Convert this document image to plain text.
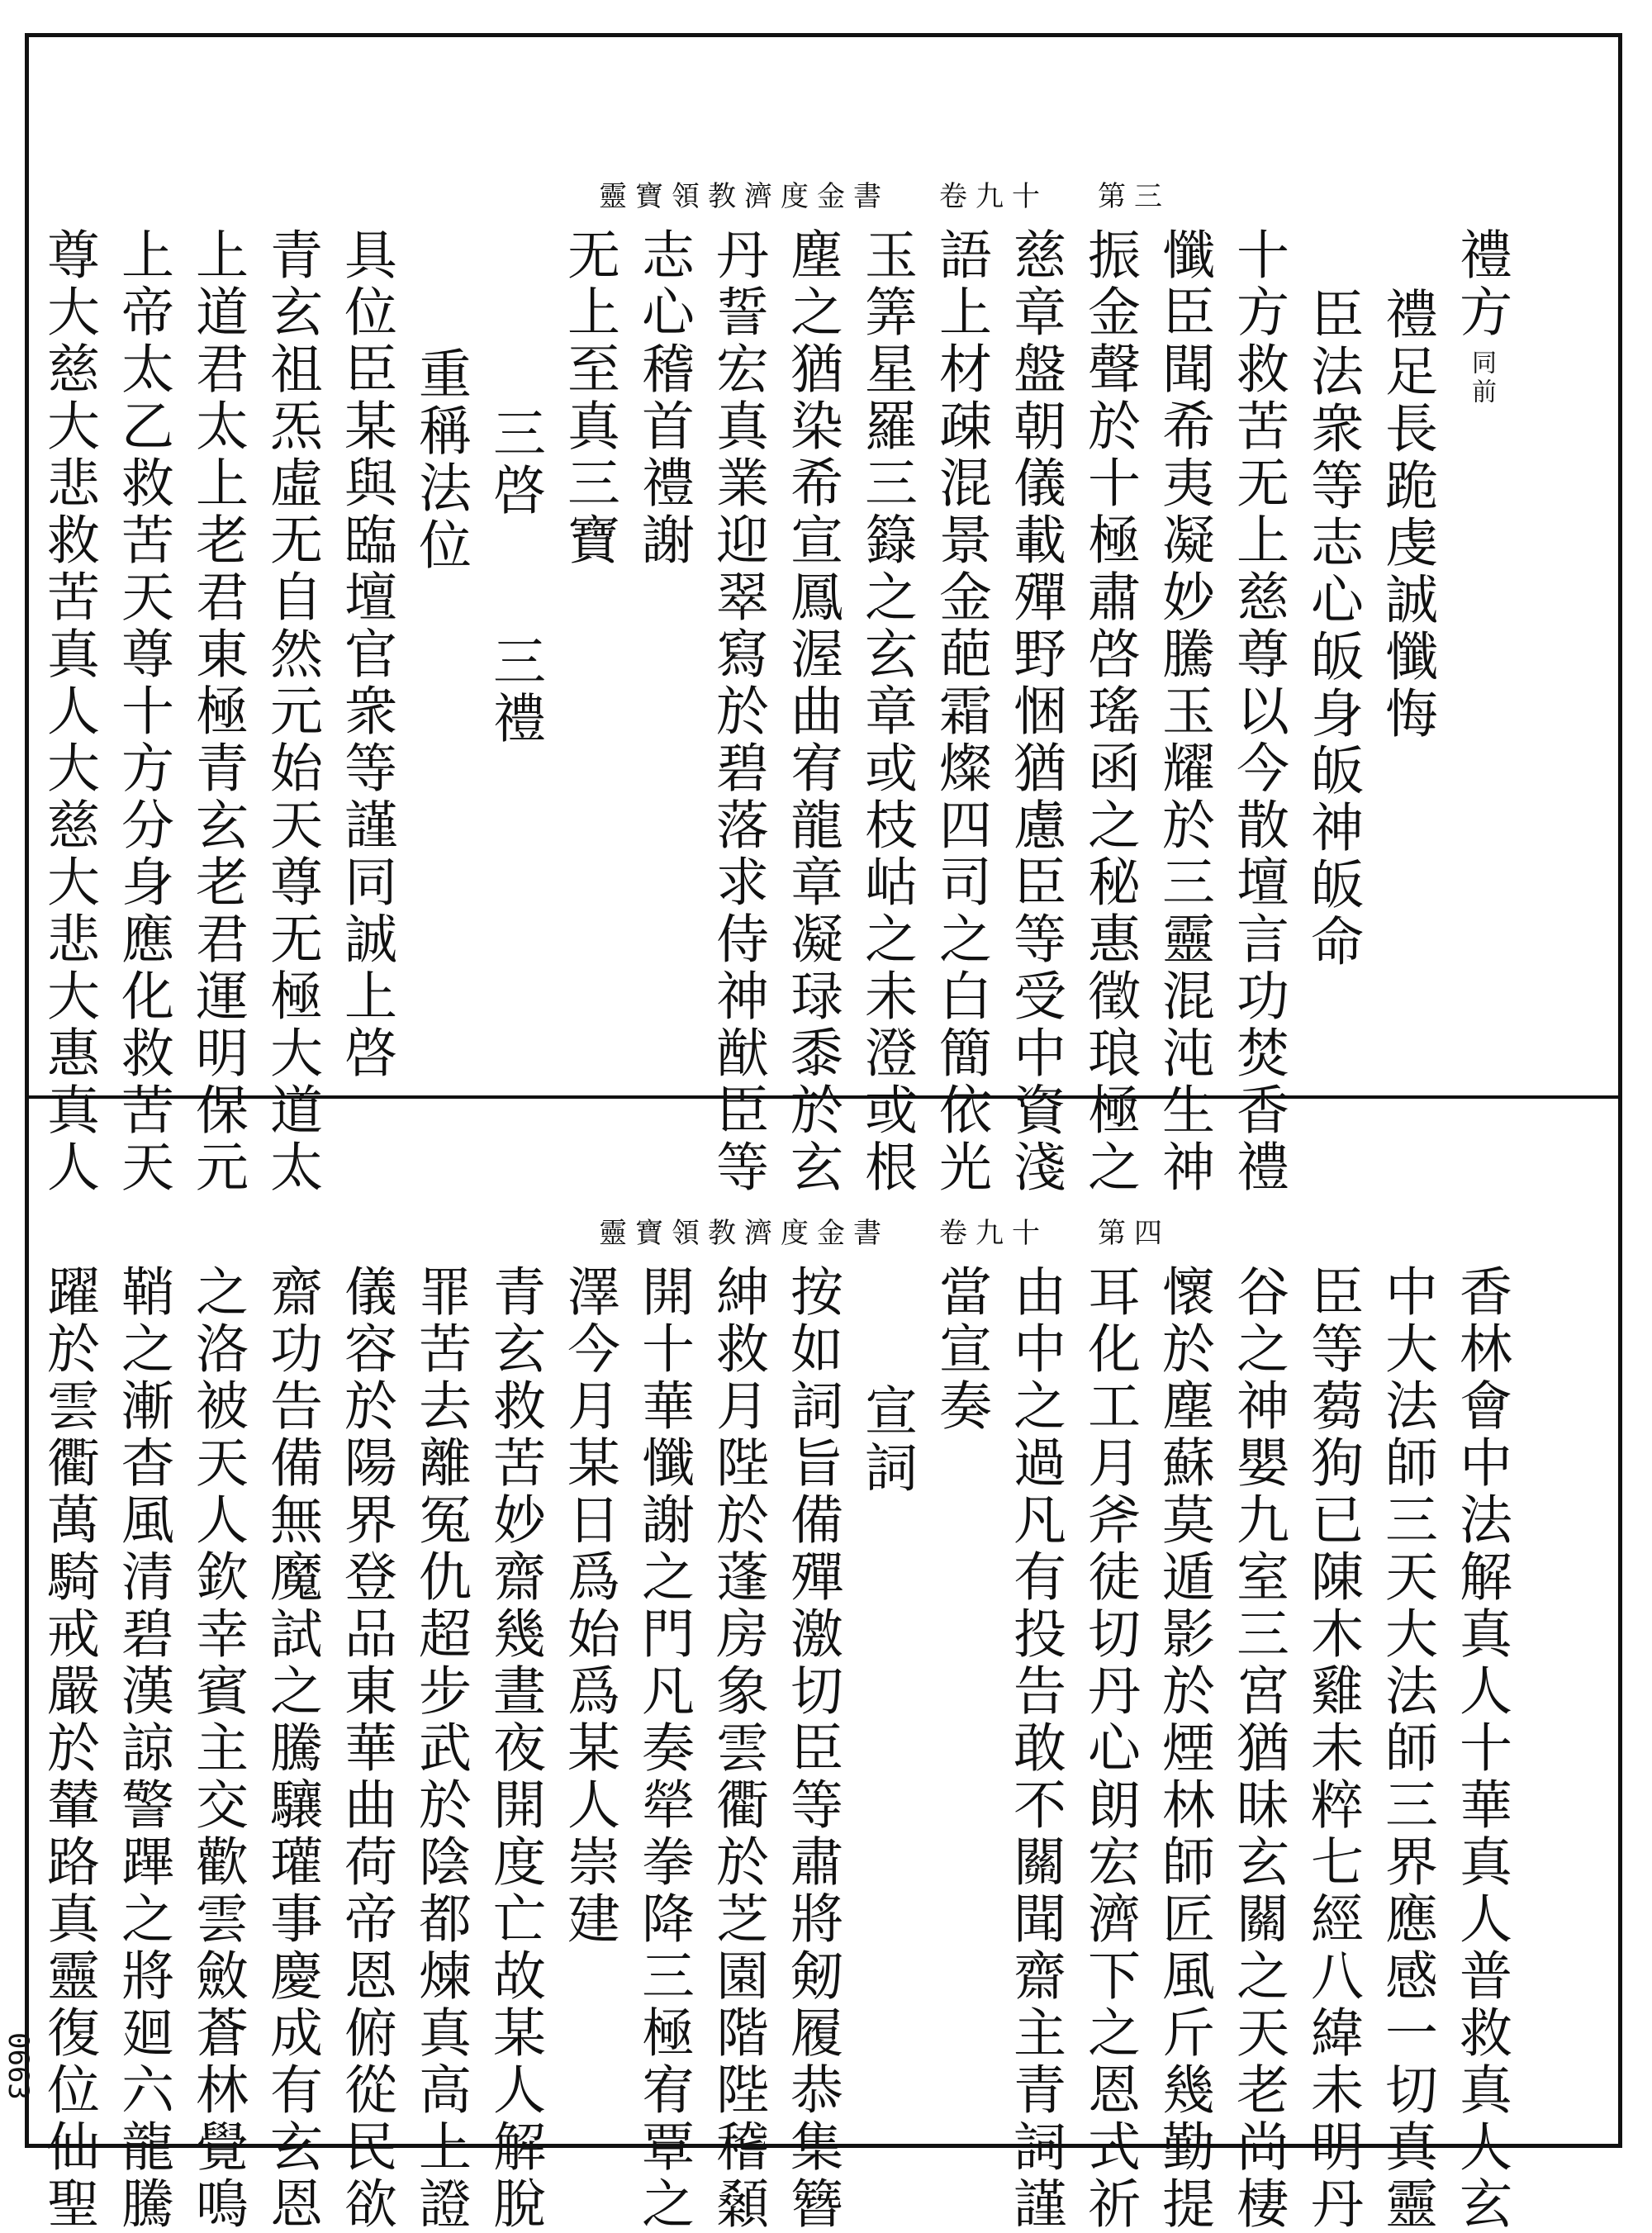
靈寶領教濟度金書 卷九十 第三
禮方同前
禮足長跪虔誠懺悔
臣法衆等志心皈身皈神皈命
十方救苦无上慈尊以今散壇言功焚香禮
懺臣聞希夷凝妙騰玉耀於三靈混沌生神
振金聲於十極肅啓瑤函之秘惠徵琅極之
慈章盤朝儀載殫野悃猶慮臣等受中資淺
語上材疎混景金葩霜燦四司之白簡依光
玉筭星羅三籙之玄章或枝岵之未澄或根
塵之猶染希宣鳳渥曲宥龍章凝琭黍於玄
丹誓宏真業迎翠寫於碧落求侍神猷臣等
志心稽首禮謝
无上至真三寶
三啓　　三禮
重稱法位
具位臣某與臨壇官衆等謹同誠上啓
青玄祖炁虛无自然元始天尊无極大道太
上道君太上老君東極青玄老君運明保元
上帝太乙救苦天尊十方分身應化救苦天
尊大慈大悲救苦真人大慈大悲大惠真人
靈寶領教濟度金書 卷九十 第四
香林會中法解真人十華真人普救真人玄
中大法師三天大法師三界應感一切真靈
臣等蒭狗已陳木雞未粹七經八緯未明丹
谷之神嬰九室三宮猶昧玄關之天老尚棲
懷於塵蘇莫遁影於煙林師匠風斤幾勤提
耳化工月斧徒切丹心朗宏濟下之恩式祈
由中之過凡有投告敢不關聞齋主青詞謹
當宣奏
宣詞
按如詞旨備殫激切臣等肅將剱履恭集簪
紳救月陛於蓬房象雲衢於芝園階陛稽顙
開十華懺謝之門凡奏犖拳降三極宥覃之
澤今月某日爲始爲某人崇建
青玄救苦妙齋幾晝夜開度亡故某人解脫
罪苦去離冤仇超步武於陰都煉真高上證
儀容於陽界登品東華曲荷帝恩俯從民欲
齋功告備無魔試之騰驤瓘事慶成有玄恩
之洛被天人欽幸賓主交歡雲斂蒼林覺鳴
鞘之漸杳風清碧漢諒警蹕之將廻六龍騰
躍於雲衢萬騎戒嚴於輦路真靈復位仙聖
0663
